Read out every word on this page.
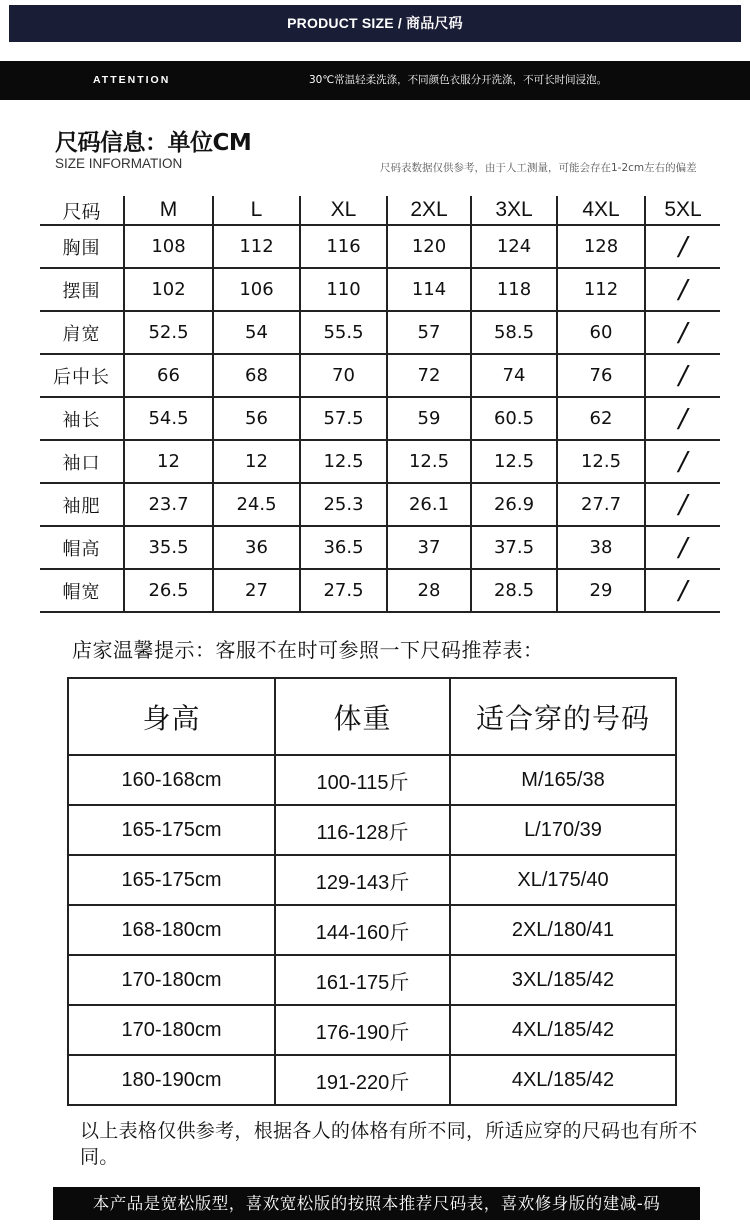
PRODUCT SIZE / 商品尺码
ATTENTION	30℃常温轻柔洗涤，不同颜色衣服分开洗涤，不可长时间浸泡。
尺码信息：单位CM
SIZE INFORMATION	尺码表数据仅供参考，由于人工测量，可能会存在1-2cm左右的偏差
尺码	M	L	XL	2XL	3XL	4XL	5XL
胸围	108	112	116	120	124	128	/
摆围	102	106	110	114	118	112	/
肩宽	52.5	54	55.5	57	58.5	60	/
后中长	66	68	70	72	74	76	/
袖长	54.5	56	57.5	59	60.5	62	/
袖口	12	12	12.5	12.5	12.5	12.5	/
袖肥	23.7	24.5	25.3	26.1	26.9	27.7	/
帽高	35.5	36	36.5	37	37.5	38	/
帽宽	26.5	27	27.5	28	28.5	29	/
店家温馨提示：客服不在时可参照一下尺码推荐表：
身高	体重	适合穿的号码
160-168cm	100-115斤	M/165/38
165-175cm	116-128斤	L/170/39
165-175cm	129-143斤	XL/175/40
168-180cm	144-160斤	2XL/180/41
170-180cm	161-175斤	3XL/185/42
170-180cm	176-190斤	4XL/185/42
180-190cm	191-220斤	4XL/185/42
以上表格仅供参考，根据各人的体格有所不同，所适应穿的尺码也有所不同。
本产品是宽松版型，喜欢宽松版的按照本推荐尺码表，喜欢修身版的建减-码
